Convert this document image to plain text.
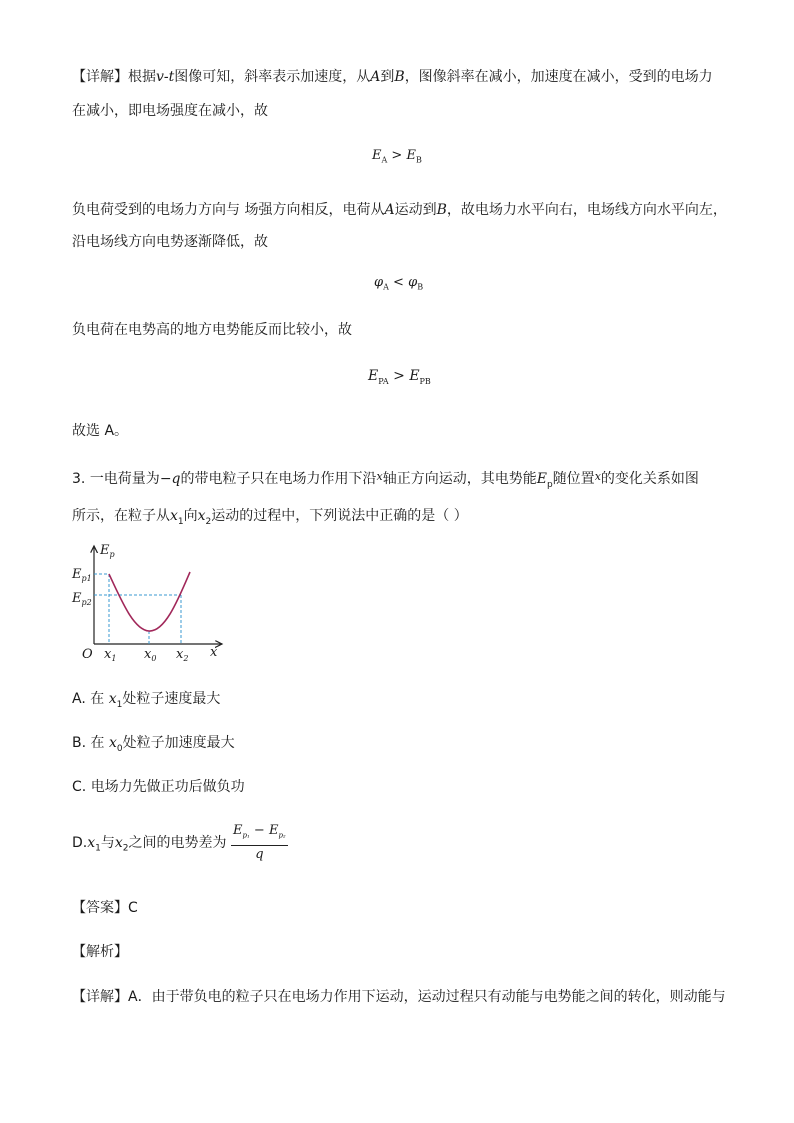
【详解】根据v-t图像可知，斜率表示加速度，从A到B，图像斜率在减小，加速度在减小，受到的电场力
在减小，即电场强度在减小，故
$E_A > E_B$
负电荷受到的电场力方向与 场强方向相反，电荷从A运动到B，故电场力水平向右，电场线方向水平向左，
沿电场线方向电势逐渐降低，故
$\varphi_A < \varphi_B$
负电荷在电势高的地方电势能反而比较小，故
$E_{PA} > E_{PB}$
故选 A。
3. 一电荷量为−q的带电粒子只在电场力作用下沿$^x$轴正方向运动，其电势能$E_p$随位置$^x$的变化关系如图
所示，在粒子从$x_1$向$x_2$运动的过程中，下列说法中正确的是（ ）
$E_p$
$E_{p1}$
$E_{p2}$
O $x_1$ $x_0$ $x_2$ x
A. 在 $x_1$处粒子速度最大
B. 在 $x_0$处粒子加速度最大
C. 电场力先做正功后做负功
$D.x_1$与$x_2$之间的电势差为 $\frac{E_{p_1} - E_{p_2}}{q}$
【答案】C
【解析】
【详解】A．由于带负电的粒子只在电场力作用下运动，运动过程只有动能与电势能之间的转化，则动能与
